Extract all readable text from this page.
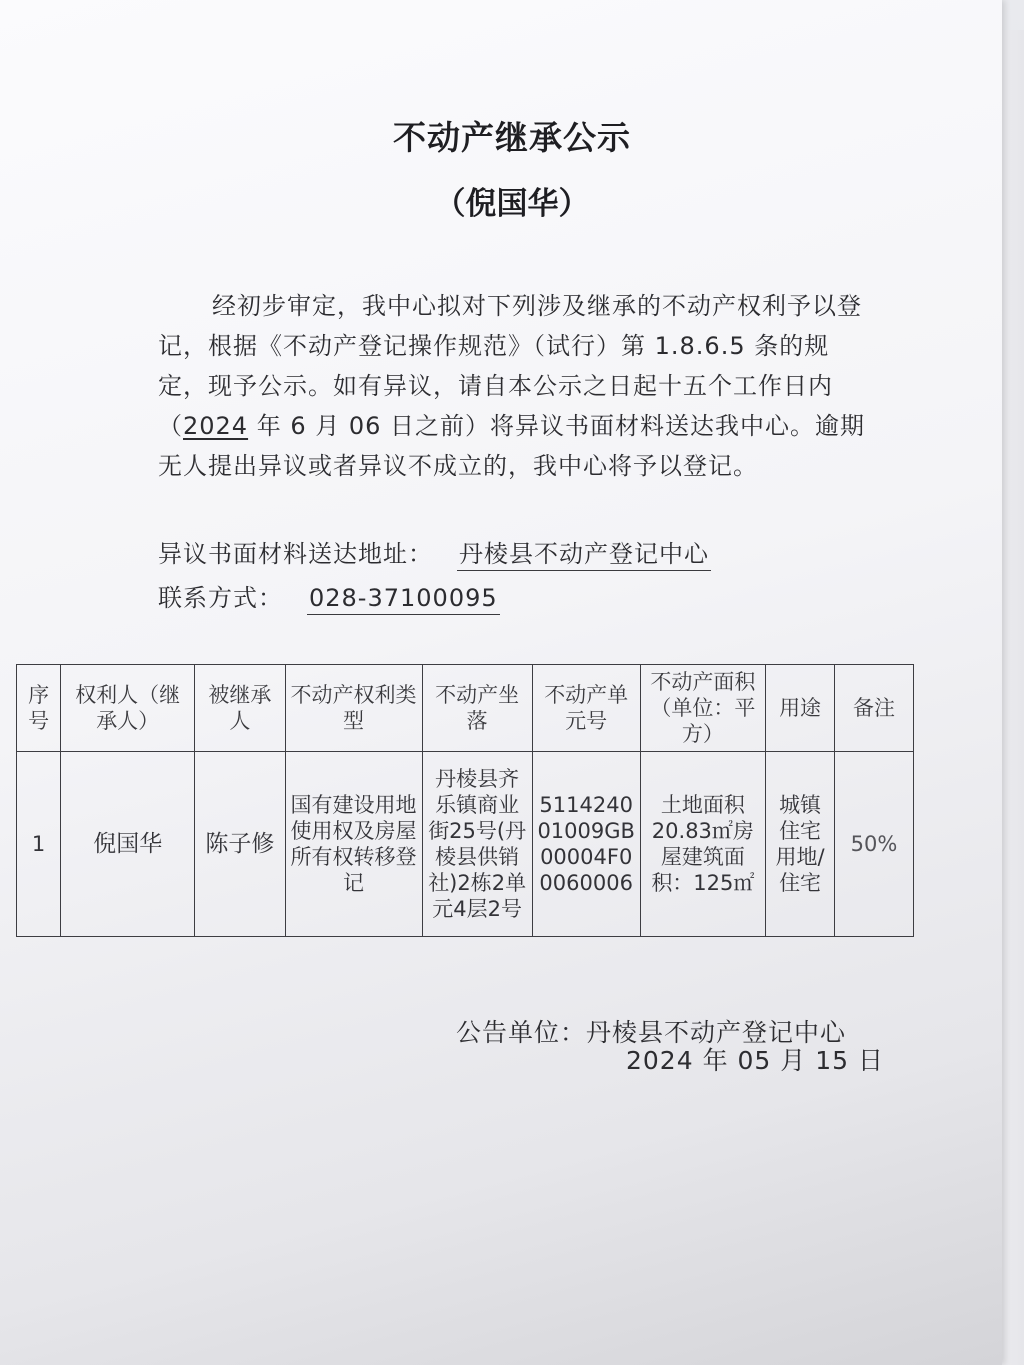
不动产继承公示
（倪国华）
经初步审定，我中心拟对下列涉及继承的不动产权利予以登记，根据《不动产登记操作规范》（试行）第 1.8.6.5 条的规定，现予公示。如有异议，请自本公示之日起十五个工作日内（2024 年 6 月 06 日之前）将异议书面材料送达我中心。逾期无人提出异议或者异议不成立的，我中心将予以登记。
异议书面材料送达地址： 丹棱县不动产登记中心
联系方式： 028-37100095
序号	权利人（继承人）	被继承人	不动产权利类型	不动产坐落	不动产单元号	不动产面积（单位：平方）	用途	备注
1	倪国华	陈子修	国有建设用地使用权及房屋所有权转移登记	丹棱县齐乐镇商业街25号(丹棱县供销社)2栋2单元4层2号	511424001009GB00004F00060006	土地面积20.83㎡房屋建筑面积：125㎡	城镇住宅用地/住宅	50%
公告单位：丹棱县不动产登记中心
2024 年 05 月 15 日
